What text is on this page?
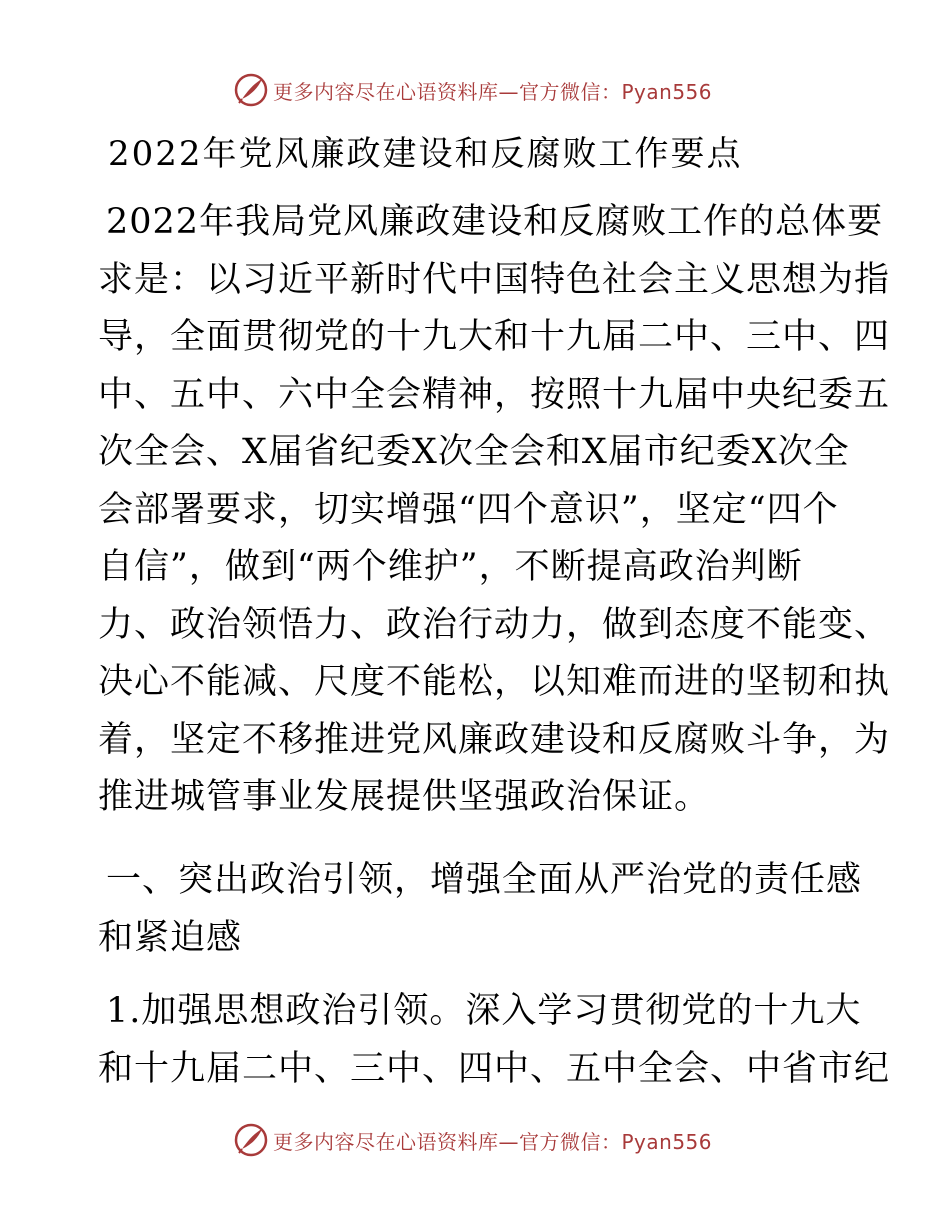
更多内容尽在心语资料库—官方微信：Pyan556
2022年党风廉政建设和反腐败工作要点
2022年我局党风廉政建设和反腐败工作的总体要
求是：以习近平新时代中国特色社会主义思想为指
导，全面贯彻党的十九大和十九届二中、三中、四
中、五中、六中全会精神，按照十九届中央纪委五
次全会、X届省纪委X次全会和X届市纪委X次全
会部署要求，切实增强“四个意识”，坚定“四个
自信”，做到“两个维护”，不断提高政治判断
力、政治领悟力、政治行动力，做到态度不能变、
决心不能减、尺度不能松，以知难而进的坚韧和执
着，坚定不移推进党风廉政建设和反腐败斗争，为
推进城管事业发展提供坚强政治保证。
一、突出政治引领，增强全面从严治党的责任感
和紧迫感
1.加强思想政治引领。深入学习贯彻党的十九大
和十九届二中、三中、四中、五中全会、中省市纪
更多内容尽在心语资料库—官方微信：Pyan556
